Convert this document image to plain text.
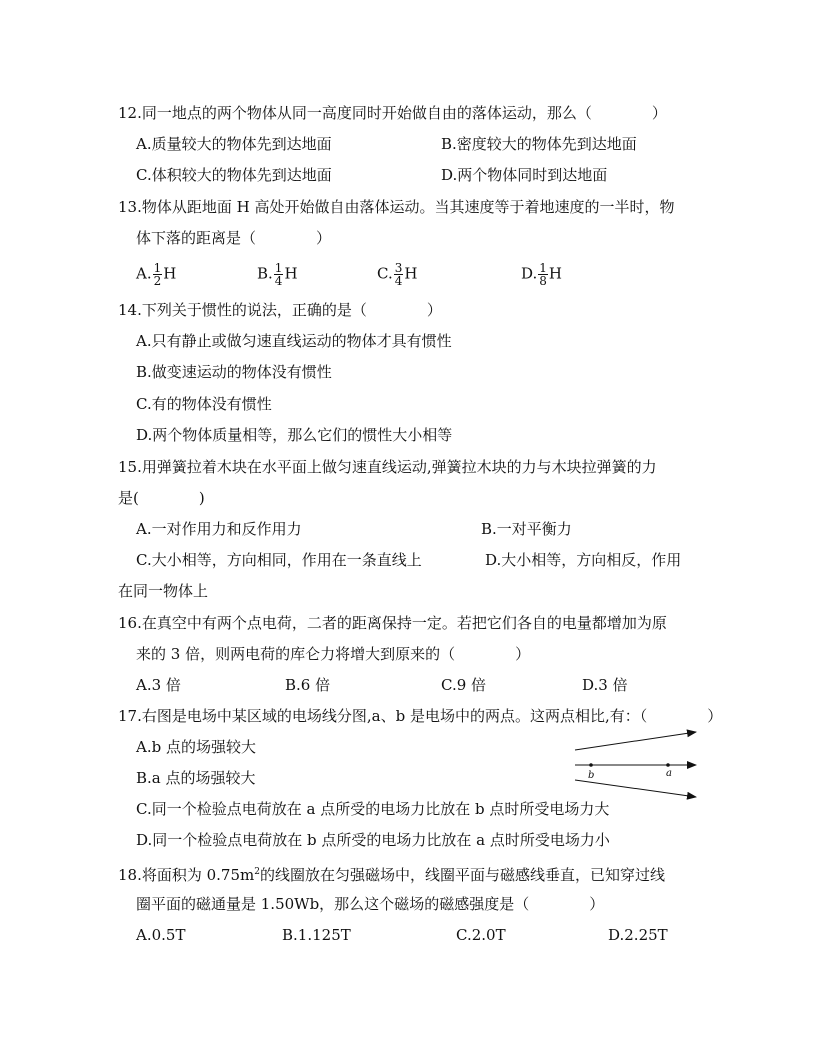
12.同一地点的两个物体从同一高度同时开始做自由的落体运动，那么（　　　　）
A.质量较大的物体先到达地面	B.密度较大的物体先到达地面
C.体积较大的物体先到达地面	D.两个物体同时到达地面
13.物体从距地面 H 高处开始做自由落体运动。当其速度等于着地速度的一半时，物
体下落的距离是（　　　　）
A. $\frac{1}{2}$ H	B. $\frac{1}{4}$ H	C. $\frac{3}{4}$ H	D. $\frac{1}{8}$ H
14.下列关于惯性的说法，正确的是（　　　　）
A.只有静止或做匀速直线运动的物体才具有惯性
B.做变速运动的物体没有惯性
C.有的物体没有惯性
D.两个物体质量相等，那么它们的惯性大小相等
15.用弹簧拉着木块在水平面上做匀速直线运动,弹簧拉木块的力与木块拉弹簧的力
是(　　　　)
A.一对作用力和反作用力	B.一对平衡力
C.大小相等，方向相同，作用在一条直线上	D.大小相等，方向相反，作用
在同一物体上
16.在真空中有两个点电荷，二者的距离保持一定。若把它们各自的电量都增加为原
来的 3 倍，则两电荷的库仑力将增大到原来的（　　　　）
A.3 倍	B.6 倍	C.9 倍	D.3 倍
17.右图是电场中某区域的电场线分图,a、b 是电场中的两点。这两点相比,有：（　　　　）
A.b 点的场强较大
B.a 点的场强较大
C.同一个检验点电荷放在 a 点所受的电场力比放在 b 点时所受电场力大
D.同一个检验点电荷放在 b 点所受的电场力比放在 a 点时所受电场力小
b	a
18.将面积为 $0.75m^2$的线圈放在匀强磁场中，线圈平面与磁感线垂直，已知穿过线
圈平面的磁通量是 1.50Wb，那么这个磁场的磁感强度是（　　　　）
A.0.5T	B.1.125T	C.2.0T	D.2.25T
